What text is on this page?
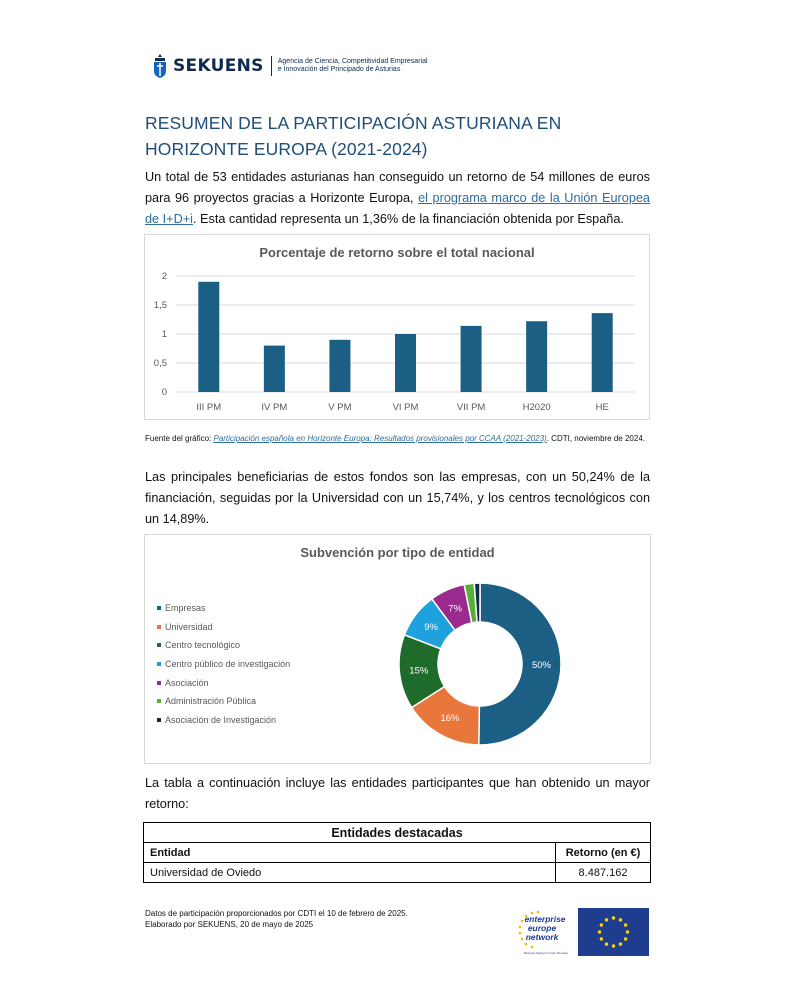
SEKUENS Agencia de Ciencia, Competitividad Empresarial
e Innovación del Principado de Asturias
RESUMEN DE LA PARTICIPACIÓN ASTURIANA EN HORIZONTE EUROPA (2021-2024)
Un total de 53 entidades asturianas han conseguido un retorno de 54 millones de euros para 96 proyectos gracias a Horizonte Europa, el programa marco de la Unión Europea de I+D+i. Esta cantidad representa un 1,36% de la financiación obtenida por España.
Porcentaje de retorno sobre el total nacional
0
0,5
1
1,5
2
III PM	IV PM	V PM	VI PM	VII PM	H2020	HE
Fuente del gráfico: Participación española en Horizonte Europa: Resultados provisionales por CCAA (2021-2023). CDTI, noviembre de 2024.
Las principales beneficiarias de estos fondos son las empresas, con un 50,24% de la financiación, seguidas por la Universidad con un 15,74%, y los centros tecnológicos con un 14,89%.
Subvención por tipo de entidad
Empresas
Universidad
Centro tecnológico
Centro público de investigación
Asociación
Administración Pública
Asociación de Investigación
50%
16%
15%
9%
7%
La tabla a continuación incluye las entidades participantes que han obtenido un mayor retorno:
Entidades destacadas	
Entidad	Retorno (en €)
Universidad de Oviedo	8.487.162
Datos de participación proporcionados por CDTI el 10 de febrero de 2025.
Elaborado por SEKUENS, 20 de mayo de 2025
enterprise
europe
network
Business Support on Your Doorstep
